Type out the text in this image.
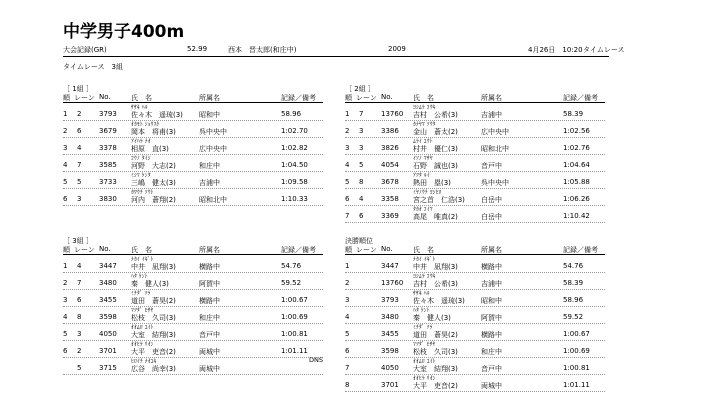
中学男子400m
大会記録(GR)	52.99	西本　晋太郎(和庄中)	2009	4月26日　10:20 タイムレース
タイムレース　3組
［ 1組 ］
順 レーン No.	氏　名	所属名	記録／備考
ｻｻｷ ﾊﾙ
1 2	3793 佐々木　遥琉(3) 昭和中	58.96
ｵｶﾓﾄ ｼｮｳｽｹ
2 6	3679 岡本　将甫(3)	呉中央中	1:02.70
ｱｲﾊﾗ ﾅｵ
3 4	3378 相原　直(3)	広中央中	1:02.82
ｺｳﾉ ﾀｲｼ
4 7	3585 河野　大志(2)	和庄中	1:04.50
ﾐｼﾏ ｹﾝﾀ
5 5	3733 三嶋　健太(3)	吉浦中	1:09.58
ｶﾜｳﾁ ｿｳﾄ
6 3	3830 河内　蒼翔(2)	昭和北中	1:10.33
［ 2組 ］
順 レーン No.	氏　名	所属名	記録／備考
ﾖｼﾑﾗ ｺｳｷ
1 7	13760 吉村　公希(3)	吉浦中	58.39
ｶﾅﾔﾏ ｿｳﾀ
2 3	3386 金山　蒼太(2)	広中央中	1:02.56
ﾑﾗｲ ﾕｳﾄ
3 3	3826 村井　優仁(3)	昭和北中	1:02.76
ｲｿﾉ ﾏｻﾔ
4 5	4054 石野　誠也(3)	音戸中	1:04.64
ｱﾂﾀ ﾙｲ
5 8	3678 熱田　塁(3)	呉中央中	1:05.88
ﾐﾔﾉｳﾁ ﾖｼﾋﾛ
6 4	3358 宮之首　仁浩(3) 白岳中	1:06.26
ﾀｶｵ ｺｲﾏ
7 6	3369 高尾　唯真(2)	白岳中	1:10.42
［ 3組 ］
順 レーン No.	氏　名	所属名	記録／備考
ﾅｶｲ ｲｷﾞﾄ
1 4	3447 中井　凪翔(3)	横路中	54.76
ﾊﾀ ｹﾝﾄ
2 7	3480 秦　健人(3)	阿賀中	59.52
ﾐﾁﾀﾞ ｿﾗ
3 6	3455 道田　蒼昊(2)	横路中	1:00.67
ﾏﾂﾀﾞ ﾋｻﾔ
4 8	3598 松枝　久司(3)	和庄中	1:00.69
ｵｵﾑﾛ ﾕｲﾄ
5 3	4050 大室　結翔(3)	音戸中	1:00.81
ｵｵﾋﾗ ﾘｵﾝ
6 2	3701 大平　吏音(2)	両城中	1:01.11
ﾋﾛｲﾁ ﾅｵﾕｷ
5	3715 広谷　尚幸(3)	両城中
DNS
決勝順位
順 レーン No.	氏　名	所属名	記録／備考
ﾅｶｲ ｲｷﾞﾄ
1	3447 中井　凪翔(3)	横路中	54.76
ﾖｼﾑﾗ ｺｳｷ
2	13760 吉村　公希(3)	吉浦中	58.39
ｻｻｷ ﾊﾙ
3	3793 佐々木　遥琉(3) 昭和中	58.96
ﾊﾀ ｹﾝﾄ
4	3480 秦　健人(3)	阿賀中	59.52
ﾐﾁﾀﾞ ｿﾗ
5	3455 道田　蒼昊(2)	横路中	1:00.67
ﾏﾂﾀﾞ ﾋｻﾔ
6	3598 松枝　久司(3)	和庄中	1:00.69
ｵｵﾑﾛ ﾕｲﾄ
7	4050 大室　結翔(3)	音戸中	1:00.81
ｵｵﾋﾗ ﾘｵﾝ
8	3701 大平　吏音(2)	両城中	1:01.11
